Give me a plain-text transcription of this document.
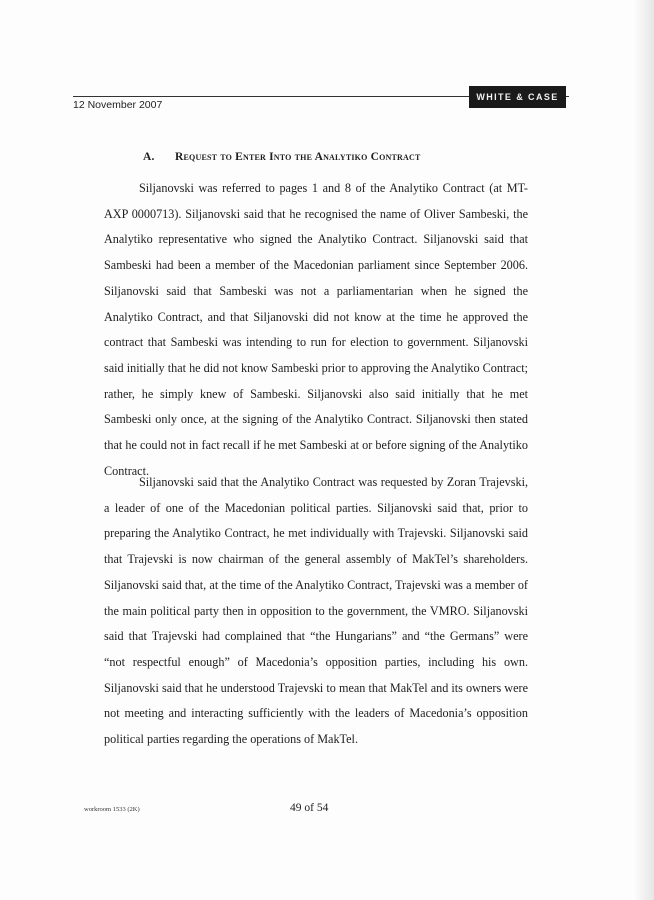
12 November 2007
WHITE & CASE
A. Request to Enter Into the Analytiko Contract

Siljanovski was referred to pages 1 and 8 of the Analytiko Contract (at MT-AXP 0000713). Siljanovski said that he recognised the name of Oliver Sambeski, the Analytiko representative who signed the Analytiko Contract. Siljanovski said that Sambeski had been a member of the Macedonian parliament since September 2006. Siljanovski said that Sambeski was not a parliamentarian when he signed the Analytiko Contract, and that Siljanovski did not know at the time he approved the contract that Sambeski was intending to run for election to government. Siljanovski said initially that he did not know Sambeski prior to approving the Analytiko Contract; rather, he simply knew of Sambeski. Siljanovski also said initially that he met Sambeski only once, at the signing of the Analytiko Contract. Siljanovski then stated that he could not in fact recall if he met Sambeski at or before signing of the Analytiko Contract.

Siljanovski said that the Analytiko Contract was requested by Zoran Trajevski, a leader of one of the Macedonian political parties. Siljanovski said that, prior to preparing the Analytiko Contract, he met individually with Trajevski. Siljanovski said that Trajevski is now chairman of the general assembly of MakTel’s shareholders. Siljanovski said that, at the time of the Analytiko Contract, Trajevski was a member of the main political party then in opposition to the government, the VMRO. Siljanovski said that Trajevski had complained that “the Hungarians” and “the Germans” were “not respectful enough” of Macedonia’s opposition parties, including his own. Siljanovski said that he understood Trajevski to mean that MakTel and its owners were not meeting and interacting sufficiently with the leaders of Macedonia’s opposition political parties regarding the operations of MakTel.

workroom 1533 (2K)	49 of 54
